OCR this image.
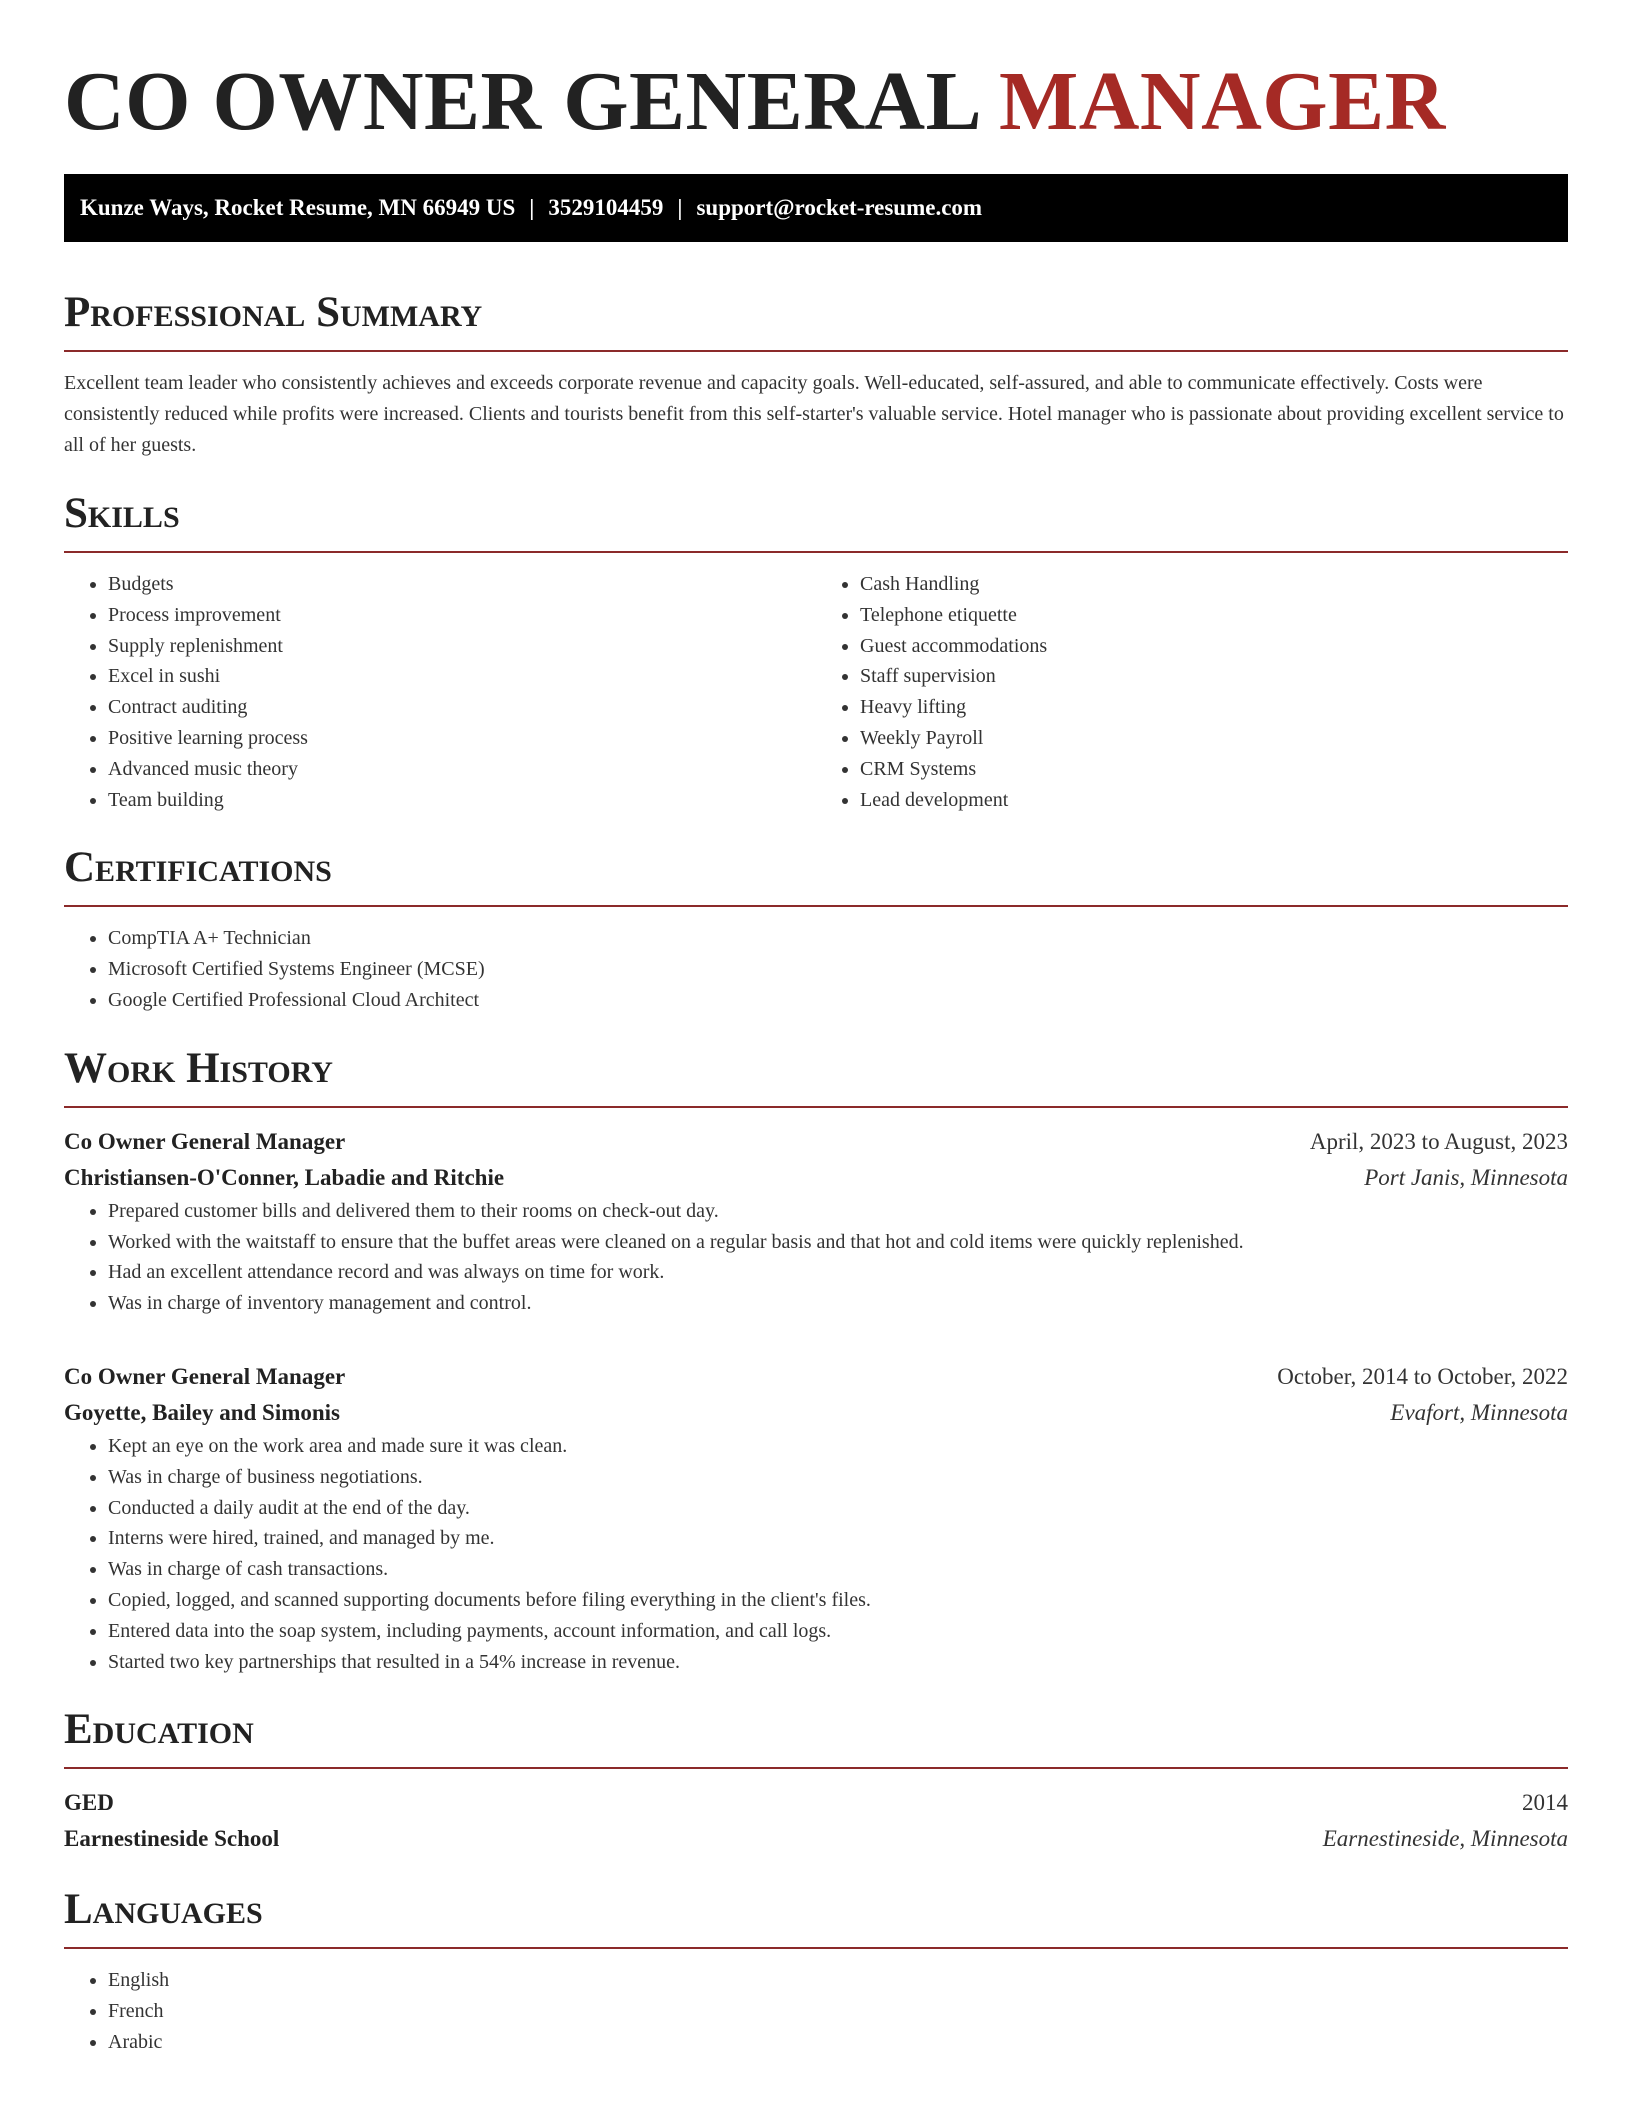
CO OWNER GENERAL MANAGER
Kunze Ways, Rocket Resume, MN 66949 US | 3529104459 | support@rocket-resume.com
Professional Summary

Excellent team leader who consistently achieves and exceeds corporate revenue and capacity goals. Well-educated, self-assured, and able to communicate effectively. Costs were consistently reduced while profits were increased. Clients and tourists benefit from this self-starter's valuable service. Hotel manager who is passionate about providing excellent service to all of her guests.

Skills
• Budgets
• Process improvement
• Supply replenishment
• Excel in sushi
• Contract auditing
• Positive learning process
• Advanced music theory
• Team building
• Cash Handling
• Telephone etiquette
• Guest accommodations
• Staff supervision
• Heavy lifting
• Weekly Payroll
• CRM Systems
• Lead development
Certifications
• CompTIA A+ Technician
• Microsoft Certified Systems Engineer (MCSE)
• Google Certified Professional Cloud Architect
Work History
Co Owner General Manager	April, 2023 to August, 2023
Christiansen-O'Conner, Labadie and Ritchie	Port Janis, Minnesota
• Prepared customer bills and delivered them to their rooms on check-out day.
• Worked with the waitstaff to ensure that the buffet areas were cleaned on a regular basis and that hot and cold items were quickly replenished.
• Had an excellent attendance record and was always on time for work.
• Was in charge of inventory management and control.
Co Owner General Manager	October, 2014 to October, 2022
Goyette, Bailey and Simonis	Evafort, Minnesota
• Kept an eye on the work area and made sure it was clean.
• Was in charge of business negotiations.
• Conducted a daily audit at the end of the day.
• Interns were hired, trained, and managed by me.
• Was in charge of cash transactions.
• Copied, logged, and scanned supporting documents before filing everything in the client's files.
• Entered data into the soap system, including payments, account information, and call logs.
• Started two key partnerships that resulted in a 54% increase in revenue.
Education
GED	2014
Earnestineside School	Earnestineside, Minnesota
Languages
• English
• French
• Arabic
